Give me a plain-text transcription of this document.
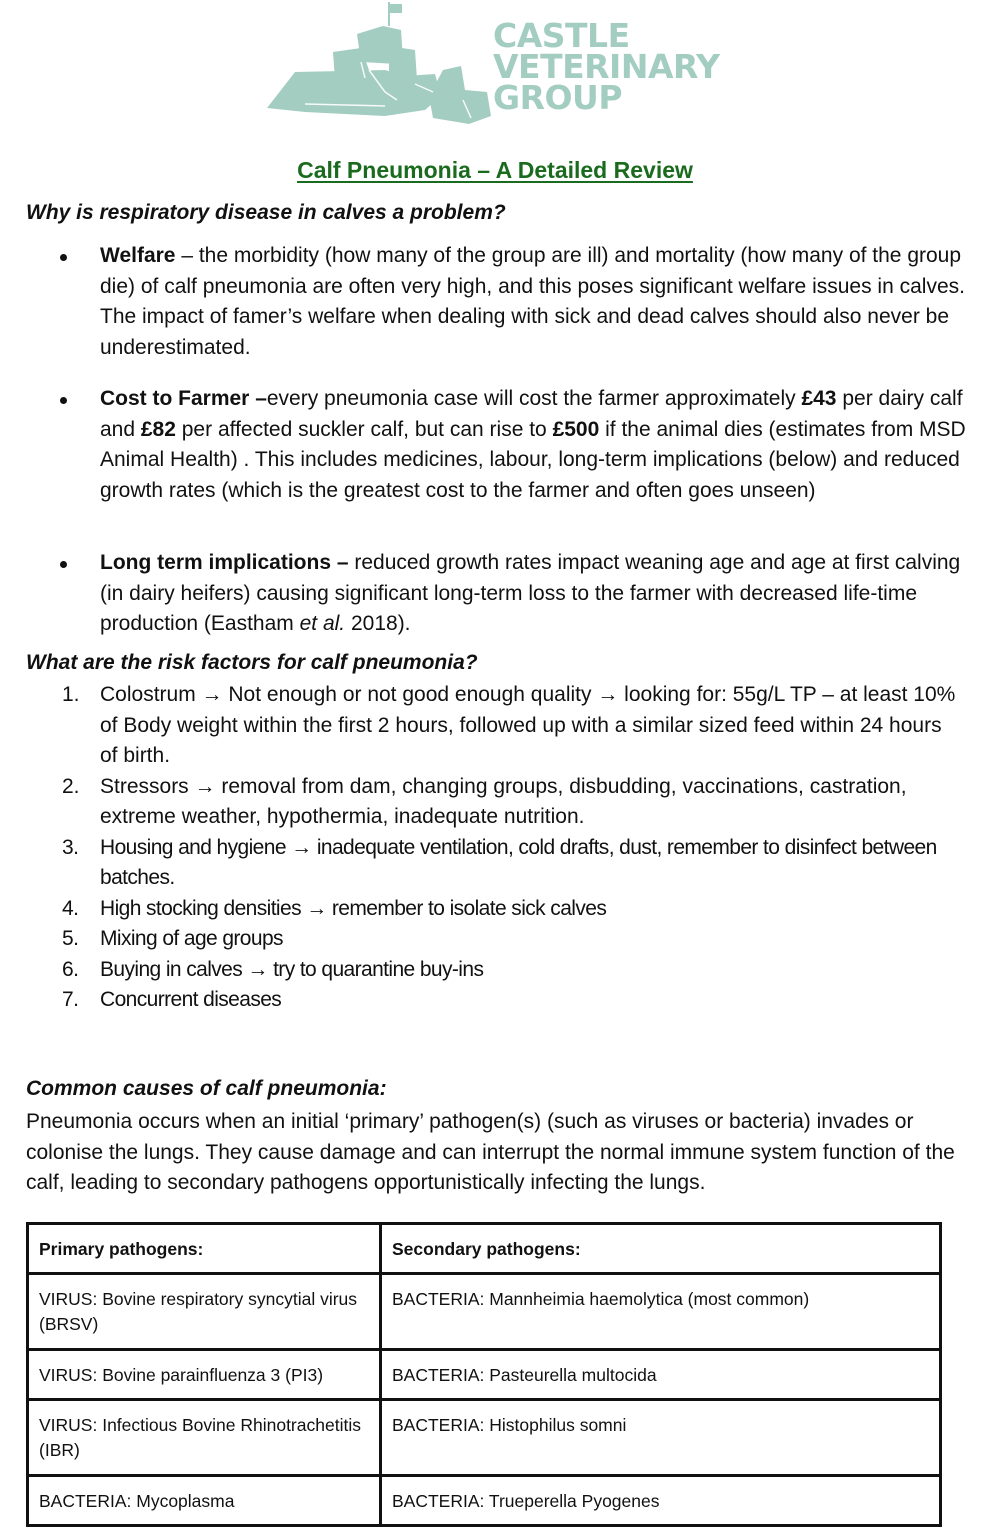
CASTLE
VETERINARY
GROUP
Calf Pneumonia – A Detailed Review
Why is respiratory disease in calves a problem?
Welfare – the morbidity (how many of the group are ill) and mortality (how many of the group die) of calf pneumonia are often very high, and this poses significant welfare issues in calves. The impact of famer’s welfare when dealing with sick and dead calves should also never be underestimated.
Cost to Farmer –every pneumonia case will cost the farmer approximately £43 per dairy calf and £82 per affected suckler calf, but can rise to £500 if the animal dies (estimates from MSD Animal Health) . This includes medicines, labour, long-term implications (below) and reduced growth rates (which is the greatest cost to the farmer and often goes unseen)
Long term implications – reduced growth rates impact weaning age and age at first calving (in dairy heifers) causing significant long-term loss to the farmer with decreased life-time production (Eastham et al. 2018).
What are the risk factors for calf pneumonia?
1. Colostrum → Not enough or not good enough quality → looking for: 55g/L TP – at least 10% of Body weight within the first 2 hours, followed up with a similar sized feed within 24 hours of birth.
2. Stressors → removal from dam, changing groups, disbudding, vaccinations, castration, extreme weather, hypothermia, inadequate nutrition.
3. Housing and hygiene → inadequate ventilation, cold drafts, dust, remember to disinfect between batches.
4. High stocking densities → remember to isolate sick calves
5. Mixing of age groups
6. Buying in calves → try to quarantine buy-ins
7. Concurrent diseases
Common causes of calf pneumonia:
Pneumonia occurs when an initial ‘primary’ pathogen(s) (such as viruses or bacteria) invades or colonise the lungs. They cause damage and can interrupt the normal immune system function of the calf, leading to secondary pathogens opportunistically infecting the lungs.
Primary pathogens:	Secondary pathogens:
VIRUS: Bovine respiratory syncytial virus (BRSV)	BACTERIA: Mannheimia haemolytica (most common)
VIRUS: Bovine parainfluenza 3 (PI3)	BACTERIA: Pasteurella multocida
VIRUS: Infectious Bovine Rhinotrachetitis (IBR)	BACTERIA: Histophilus somni
BACTERIA: Mycoplasma	BACTERIA: Trueperella Pyogenes
